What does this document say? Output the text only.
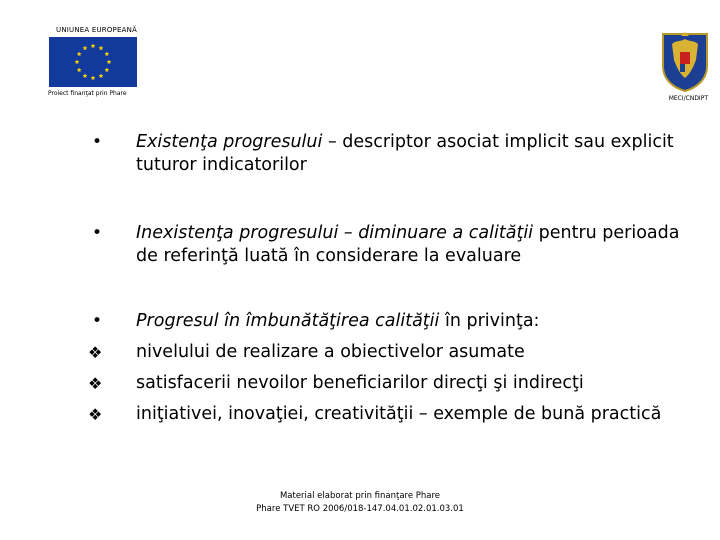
UNIUNEA EUROPEANĂ
Proiect finanţat prin Phare
MECI/CNDIPT
•	Existenţa progresului – descriptor asociat implicit sau explicit tuturor indicatorilor
•	Inexistenţa progresului – diminuare a calităţii pentru perioada de referinţă luată în considerare la evaluare
•	Progresul în îmbunătăţirea calităţii în privinţa:
❖	nivelului de realizare a obiectivelor asumate
❖	satisfacerii nevoilor beneficiarilor direcţi şi indirecţi
❖	iniţiativei, inovaţiei, creativităţii – exemple de bună practică
Material elaborat prin finanţare Phare
Phare TVET RO 2006/018-147.04.01.02.01.03.01
